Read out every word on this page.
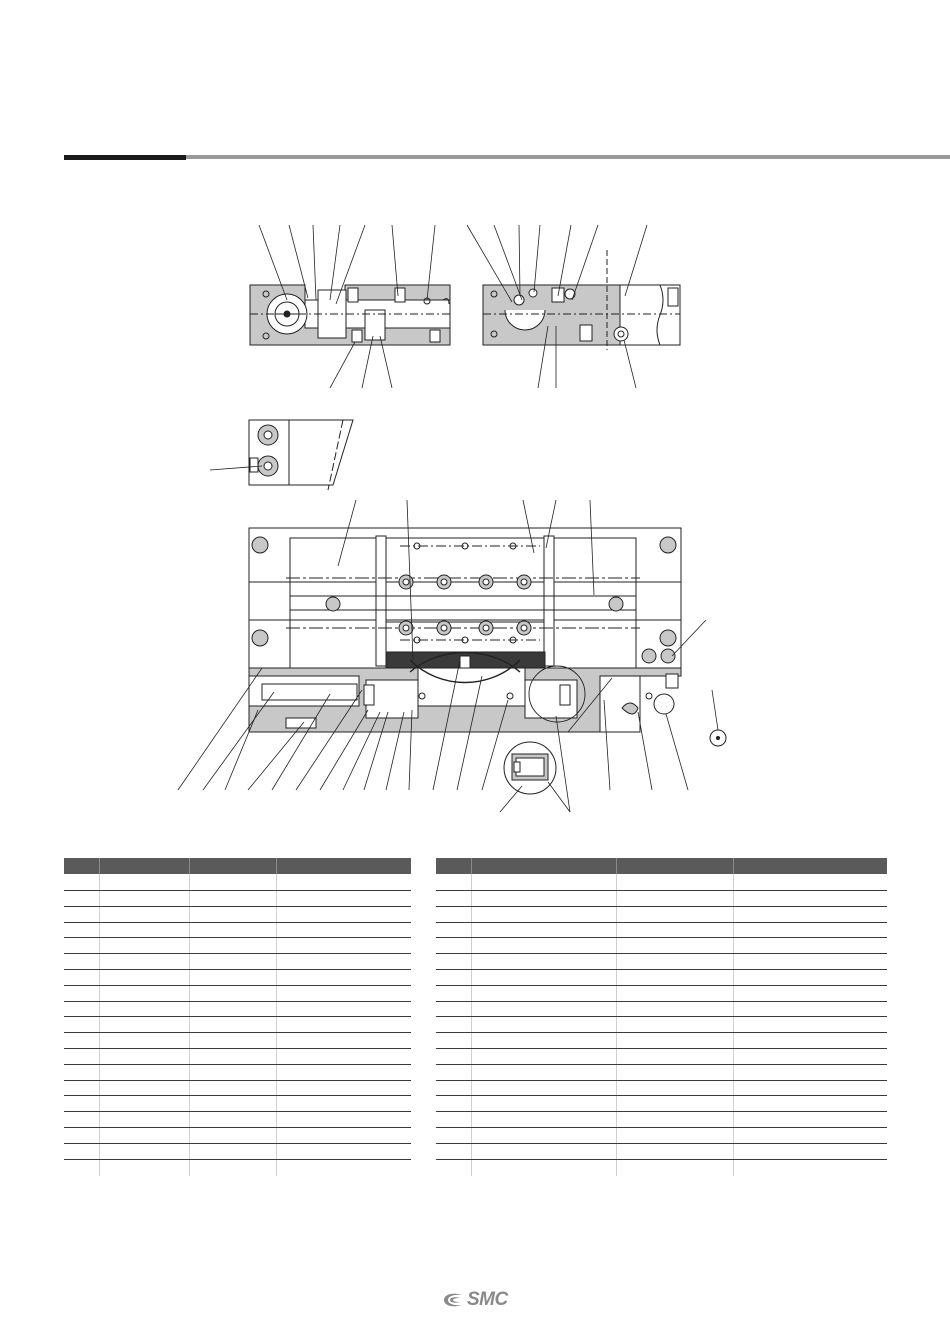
SMC
